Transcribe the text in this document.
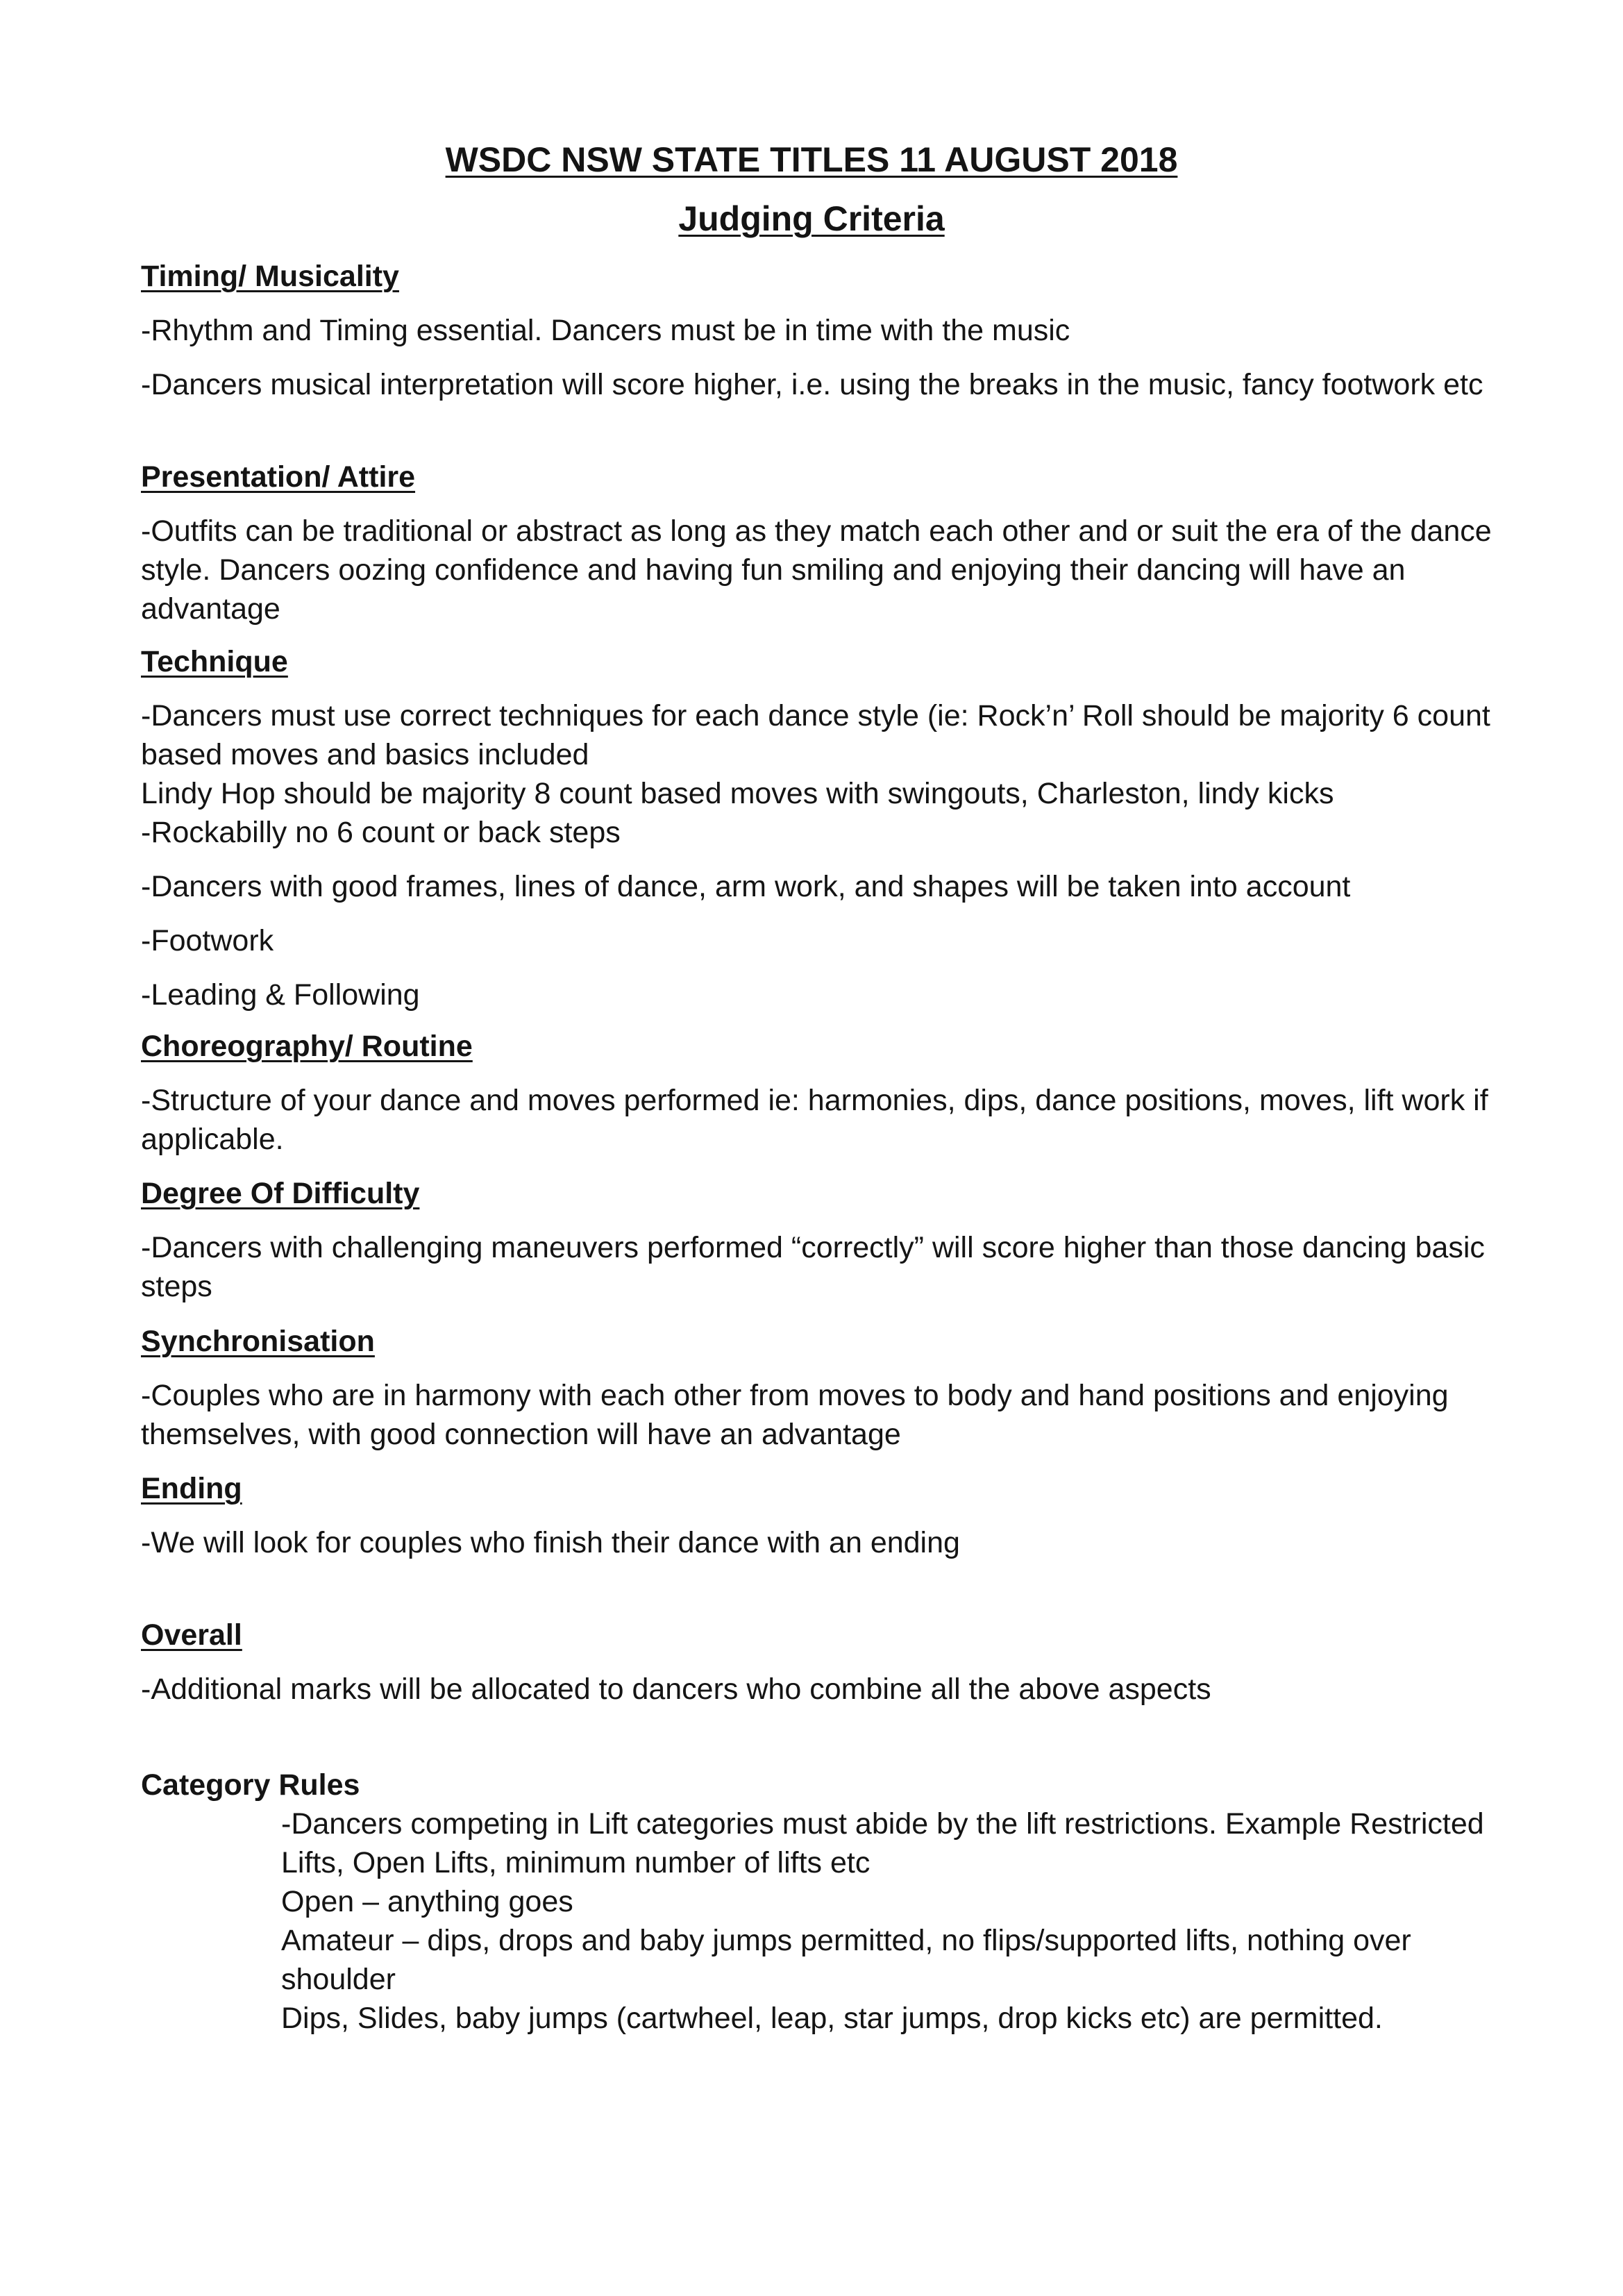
WSDC NSW STATE TITLES 11 AUGUST 2018
Judging Criteria
Timing/ Musicality

-Rhythm and Timing essential. Dancers must be in time with the music

-Dancers musical interpretation will score higher, i.e. using the breaks in the music, fancy footwork etc

Presentation/ Attire

-Outfits can be traditional or abstract as long as they match each other and or suit the era of the dance style. Dancers oozing confidence and having fun smiling and enjoying their dancing will have an advantage

Technique

-Dancers must use correct techniques for each dance style (ie: Rock’n’ Roll should be majority 6 count based moves and basics included

Lindy Hop should be majority 8 count based moves with swingouts, Charleston, lindy kicks

-Rockabilly no 6 count or back steps

-Dancers with good frames, lines of dance, arm work, and shapes will be taken into account

-Footwork

-Leading & Following

Choreography/ Routine

-Structure of your dance and moves performed ie: harmonies, dips, dance positions, moves, lift work if applicable.

Degree Of Difficulty

-Dancers with challenging maneuvers performed “correctly” will score higher than those dancing basic steps

Synchronisation

-Couples who are in harmony with each other from moves to body and hand positions and enjoying themselves, with good connection will have an advantage

Ending

-We will look for couples who finish their dance with an ending

Overall

-Additional marks will be allocated to dancers who combine all the above aspects

Category Rules

-Dancers competing in Lift categories must abide by the lift restrictions. Example Restricted Lifts, Open Lifts, minimum number of lifts etc

Open – anything goes

Amateur – dips, drops and baby jumps permitted, no flips/supported lifts, nothing over shoulder

Dips, Slides, baby jumps (cartwheel, leap, star jumps, drop kicks etc) are permitted.
